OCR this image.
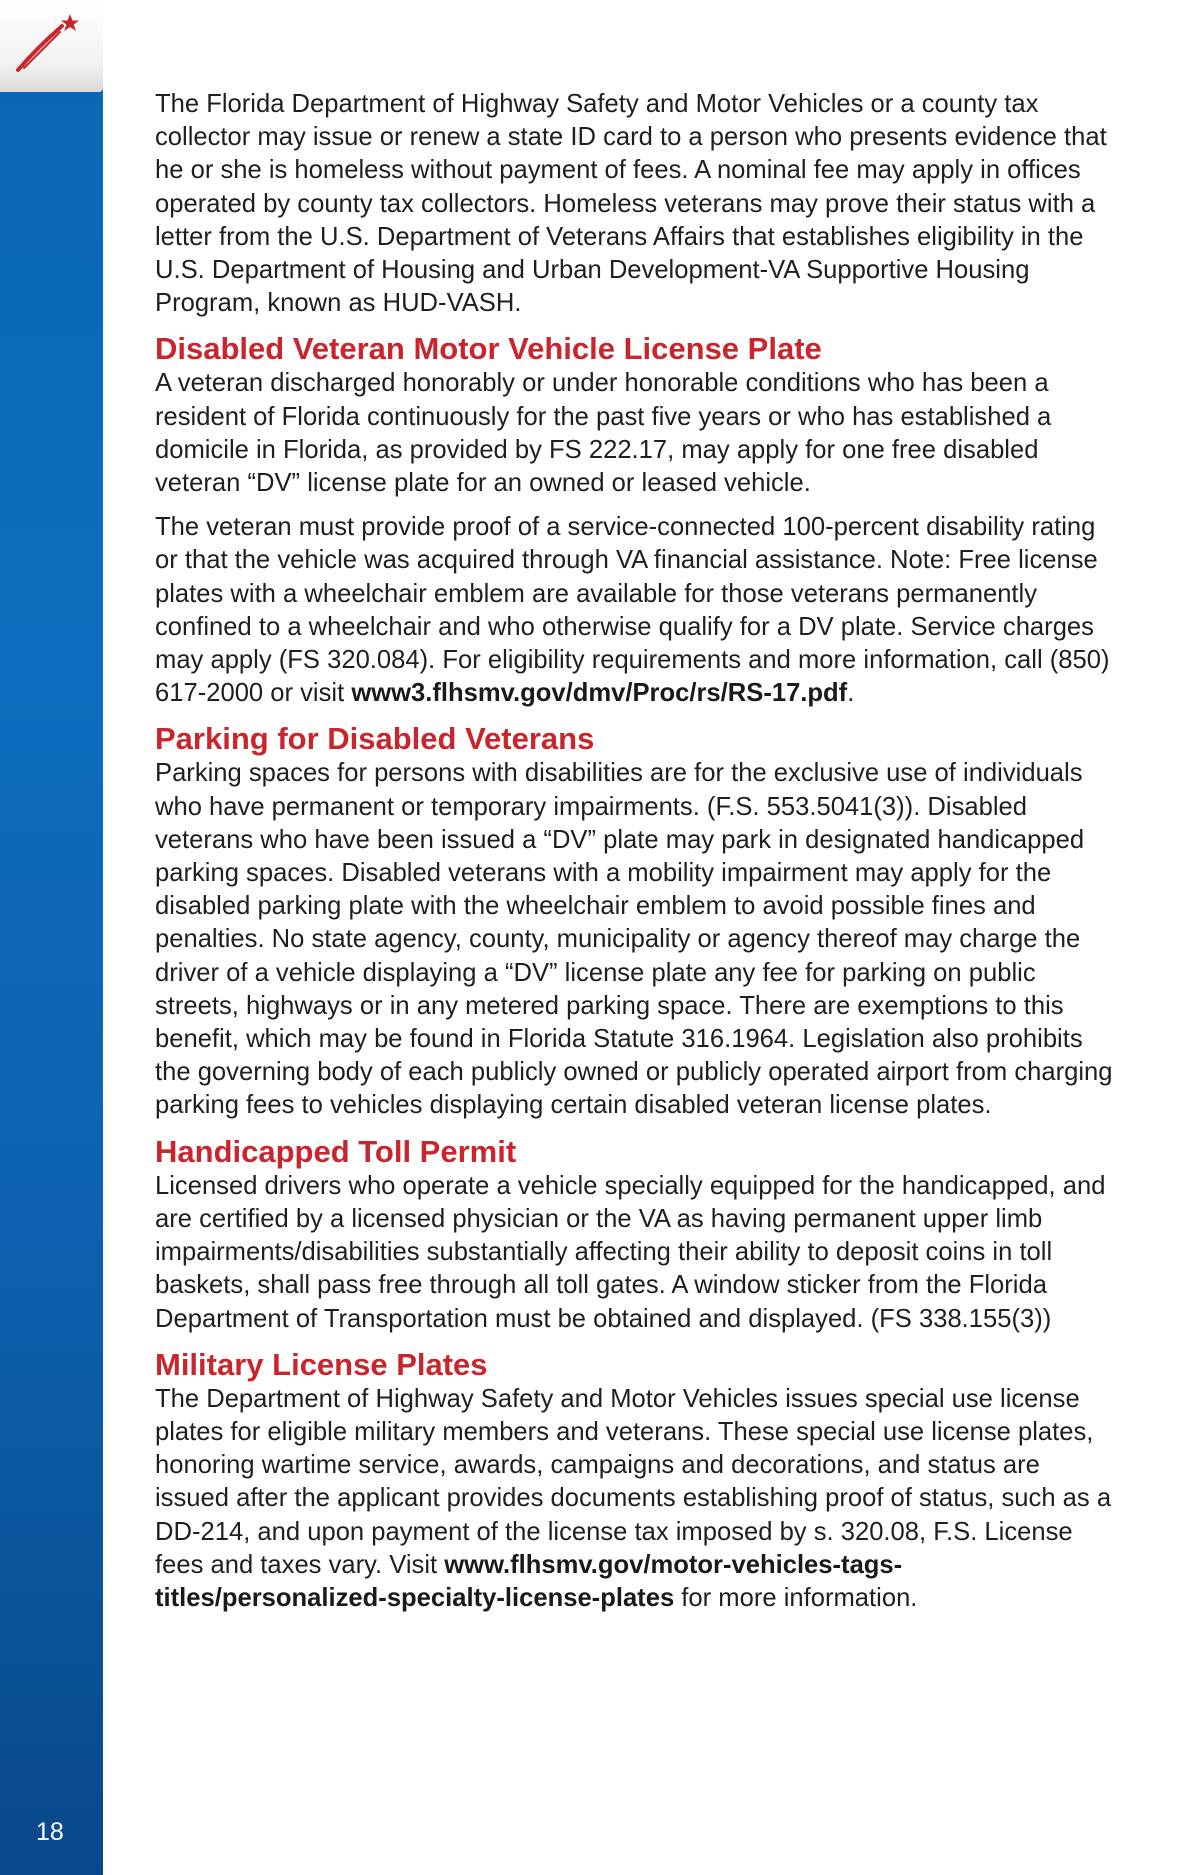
18

The Florida Department of Highway Safety and Motor Vehicles or a county tax collector may issue or renew a state ID card to a person who presents evidence that he or she is homeless without payment of fees. A nominal fee may apply in offices operated by county tax collectors. Homeless veterans may prove their status with a letter from the U.S. Department of Veterans Affairs that establishes eligibility in the U.S. Department of Housing and Urban Development-VA Supportive Housing Program, known as HUD-VASH.

Disabled Veteran Motor Vehicle License Plate

A veteran discharged honorably or under honorable conditions who has been a resident of Florida continuously for the past five years or who has established a domicile in Florida, as provided by FS 222.17, may apply for one free disabled veteran “DV” license plate for an owned or leased vehicle.

The veteran must provide proof of a service-connected 100-percent disability rating or that the vehicle was acquired through VA financial assistance. Note: Free license plates with a wheelchair emblem are available for those veterans permanently confined to a wheelchair and who otherwise qualify for a DV plate. Service charges may apply (FS 320.084). For eligibility requirements and more information, call (850) 617-2000 or visit www3.flhsmv.gov/dmv/Proc/rs/RS-17.pdf.

Parking for Disabled Veterans

Parking spaces for persons with disabilities are for the exclusive use of individuals who have permanent or temporary impairments. (F.S. 553.5041(3)). Disabled veterans who have been issued a “DV” plate may park in designated handicapped parking spaces. Disabled veterans with a mobility impairment may apply for the disabled parking plate with the wheelchair emblem to avoid possible fines and penalties. No state agency, county, municipality or agency thereof may charge the driver of a vehicle displaying a “DV” license plate any fee for parking on public streets, highways or in any metered parking space. There are exemptions to this benefit, which may be found in Florida Statute 316.1964. Legislation also prohibits the governing body of each publicly owned or publicly operated airport from charging parking fees to vehicles displaying certain disabled veteran license plates.

Handicapped Toll Permit

Licensed drivers who operate a vehicle specially equipped for the handicapped, and are certified by a licensed physician or the VA as having permanent upper limb impairments/disabilities substantially affecting their ability to deposit coins in toll baskets, shall pass free through all toll gates. A window sticker from the Florida Department of Transportation must be obtained and displayed. (FS 338.155(3))

Military License Plates

The Department of Highway Safety and Motor Vehicles issues special use license plates for eligible military members and veterans. These special use license plates, honoring wartime service, awards, campaigns and decorations, and status are issued after the applicant provides documents establishing proof of status, such as a DD-214, and upon payment of the license tax imposed by s. 320.08, F.S. License fees and taxes vary. Visit www.flhsmv.gov/motor-vehicles-tags-titles/personalized-specialty-license-plates for more information.
